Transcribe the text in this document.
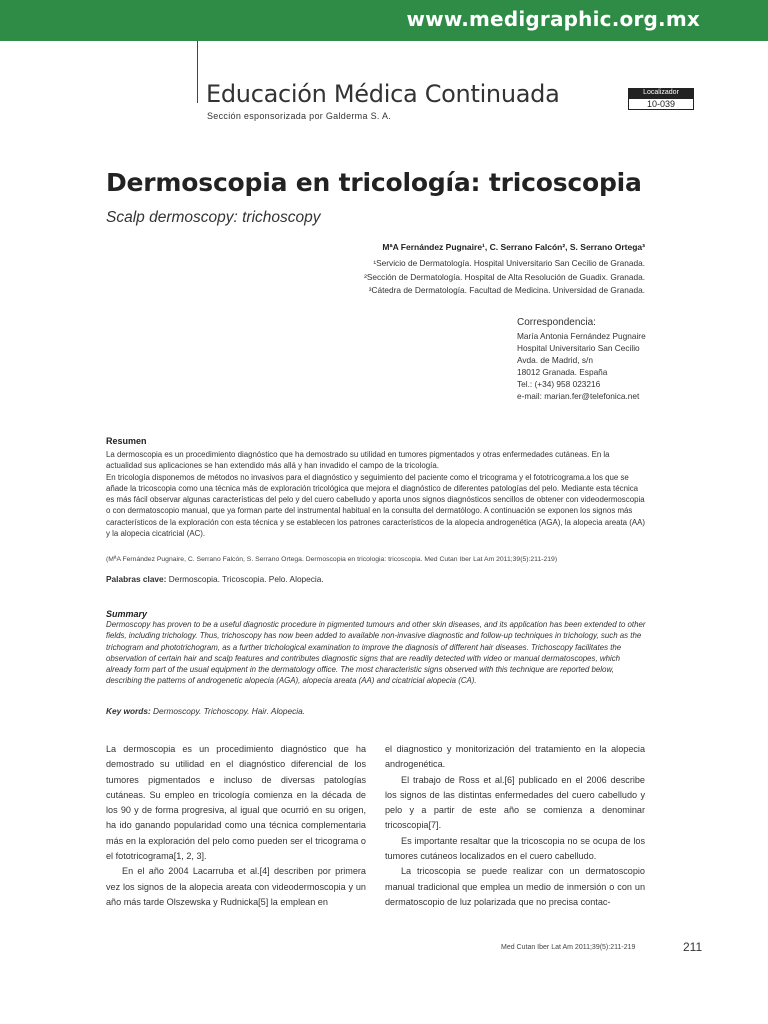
www.medigraphic.org.mx
Educación Médica Continuada
Sección esponsorizada por Galderma S. A.
Localizador
10-039
Dermoscopia en tricología: tricoscopia
Scalp dermoscopy: trichoscopy
MªA Fernández Pugnaire¹, C. Serrano Falcón², S. Serrano Ortega³
¹Servicio de Dermatología. Hospital Universitario San Cecilio de Granada.
²Sección de Dermatología. Hospital de Alta Resolución de Guadix. Granada.
³Cátedra de Dermatología. Facultad de Medicina. Universidad de Granada.
Correspondencia:
María Antonia Fernández Pugnaire
Hospital Universitario San Cecilio
Avda. de Madrid, s/n
18012 Granada. España
Tel.: (+34) 958 023216
e-mail: marian.fer@telefonica.net
Resumen

La dermoscopia es un procedimiento diagnóstico que ha demostrado su utilidad en tumores pigmentados y otras enfermedades cutáneas. En la actualidad sus aplicaciones se han extendido más allá y han invadido el campo de la tricología.
En tricología disponemos de métodos no invasivos para el diagnóstico y seguimiento del paciente como el tricograma y el fototricograma.a los que se añade la tricoscopia como una técnica más de exploración tricológica que mejora el diagnóstico de diferentes patologías del pelo. Mediante esta técnica es más fácil observar algunas características del pelo y del cuero cabelludo y aporta unos signos diagnósticos sencillos de obtener con videodermoscopia o con dermatoscopio manual, que ya forman parte del instrumental habitual en la consulta del dermatólogo. A continuación se exponen los signos más característicos de la exploración con esta técnica y se establecen los patrones característicos de la alopecia androgenética (AGA), la alopecia areata (AA) y la alopecia cicatricial (AC).

(MªA Fernández Pugnaire, C. Serrano Falcón, S. Serrano Ortega. Dermoscopia en tricologia: tricoscopia. Med Cutan Iber Lat Am 2011;39(5):211-219)
Palabras clave: Dermoscopia. Tricoscopia. Pelo. Alopecia.
Summary

Dermoscopy has proven to be a useful diagnostic procedure in pigmented tumours and other skin diseases, and its application has been extended to other fields, including trichology. Thus, trichoscopy has now been added to available non-invasive diagnostic and follow-up techniques in trichology, such as the trichogram and phototrichogram, as a further trichological examination to improve the diagnosis of different hair diseases. Trichoscopy facilitates the observation of certain hair and scalp features and contributes diagnostic signs that are readily detected with video or manual dermatoscopes, which already form part of the usual equipment in the dermatology office. The most characteristic signs observed with this technique are reported below, describing the patterns of androgenetic alopecia (AGA), alopecia areata (AA) and cicatricial alopecia (CA).

Key words: Dermoscopy. Trichoscopy. Hair. Alopecia.

La dermoscopia es un procedimiento diagnóstico que ha demostrado su utilidad en el diagnóstico diferencial de los tumores pigmentados e incluso de diversas patologías cutáneas. Su empleo en tricología comienza en la década de los 90 y de forma progresiva, al igual que ocurrió en su origen, ha ido ganando popularidad como una técnica complementaria más en la exploración del pelo como pueden ser el tricograma o el fototricograma[1, 2, 3].

En el año 2004 Lacarruba et al.[4] describen por primera vez los signos de la alopecia areata con videodermoscopia y un año más tarde Olszewska y Rudnicka[5] la emplean en

el diagnostico y monitorización del tratamiento en la alopecia androgenética.

El trabajo de Ross et al.[6] publicado en el 2006 describe los signos de las distintas enfermedades del cuero cabelludo y pelo y a partir de este año se comienza a denominar tricoscopia[7].

Es importante resaltar que la tricoscopia no se ocupa de los tumores cutáneos localizados en el cuero cabelludo.

La tricoscopia se puede realizar con un dermatoscopio manual tradicional que emplea un medio de inmersión o con un dermatoscopio de luz polarizada que no precisa contac-

Med Cutan Iber Lat Am 2011;39(5):211-219	211
